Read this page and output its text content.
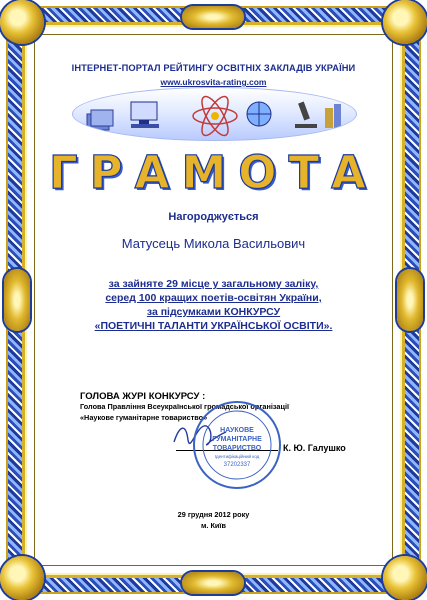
ІНТЕРНЕТ-ПОРТАЛ РЕЙТИНГУ ОСВІТНІХ ЗАКЛАДІВ УКРАЇНИ
www.ukrosvita-rating.com
ГРАМОТА
Нагороджується
Матусець Микола Васильович
за зайняте 29 місце у загальному заліку,
серед 100 кращих поетів-освітян України,
за підсумками КОНКУРСУ
«ПОЕТИЧНІ ТАЛАНТИ УКРАЇНСЬКОЇ ОСВІТИ».
ГОЛОВА ЖУРІ КОНКУРСУ :
Голова Правління Всеукраїнської громадської організації
«Наукове гуманітарне товариство»
К. Ю. Галушко
НАУКОВЕ
ГУМАНІТАРНЕ
ТОВАРИСТВО
Ідентифікаційний код
37202337
29 грудня 2012 року
м. Київ
